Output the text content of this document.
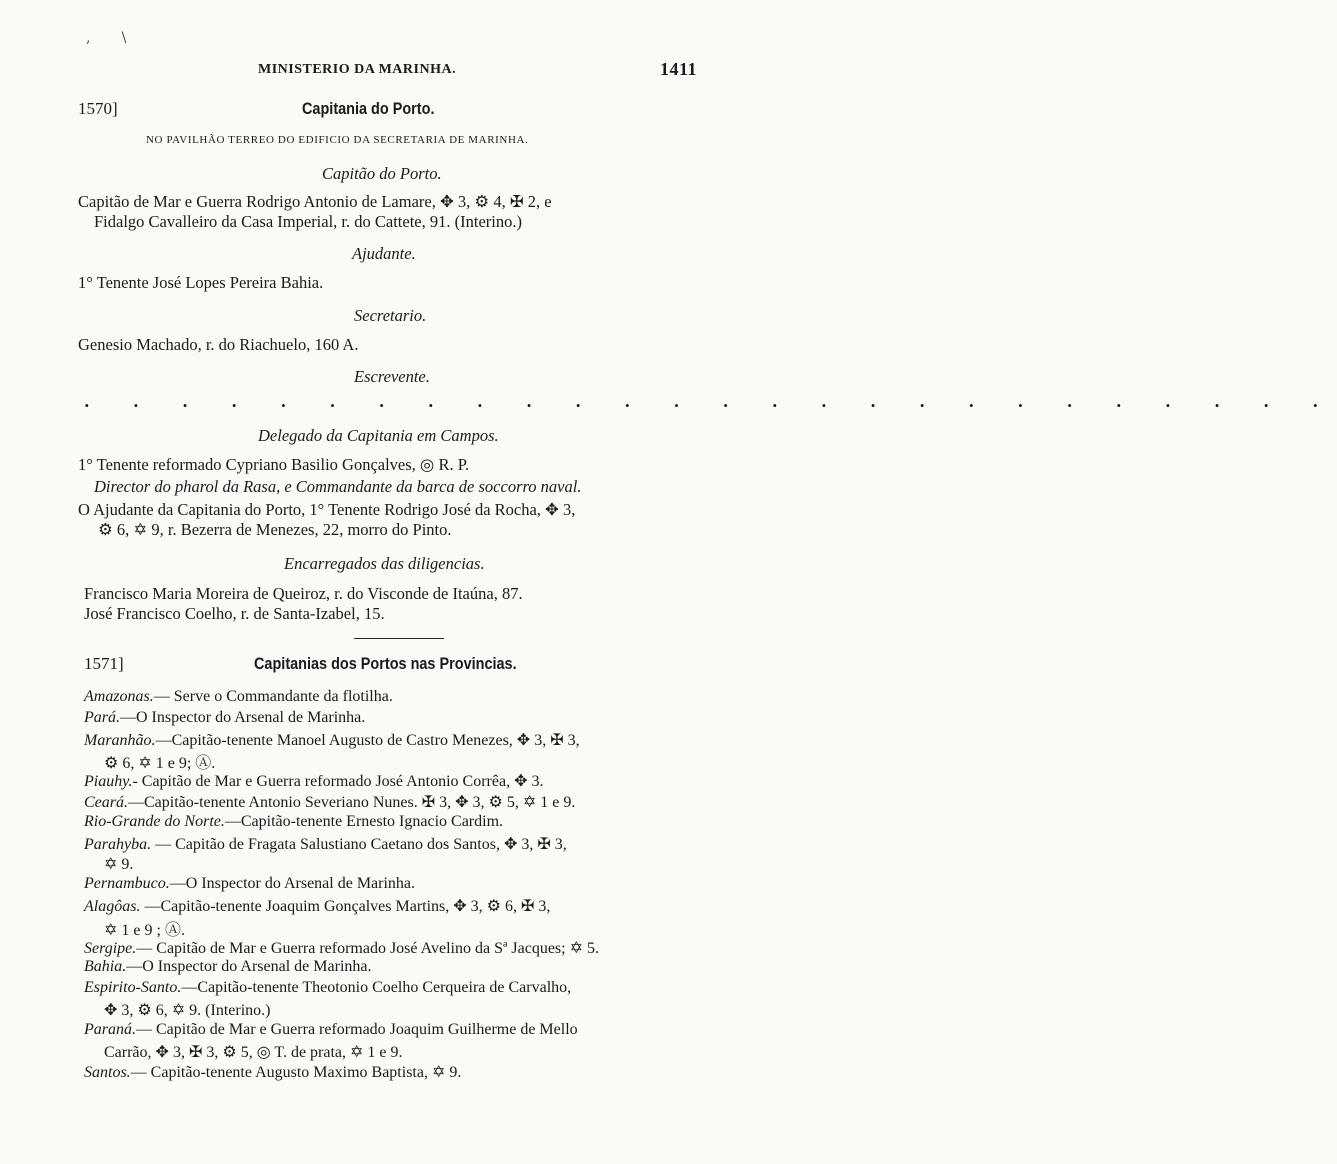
,       \
MINISTERIO DA MARINHA.	1411
1570]	Capitania do Porto.
NO PAVILHÃO TERREO DO EDIFICIO DA SECRETARIA DE MARINHA.
Capitão do Porto.
Capitão de Mar e Guerra Rodrigo Antonio de Lamare, ✥ 3, ⚙ 4, ✠ 2, e
Fidalgo Cavalleiro da Casa Imperial, r. do Cattete, 91. (Interino.)
Ajudante.
1° Tenente José Lopes Pereira Bahia.
Secretario.
Genesio Machado, r. do Riachuelo, 160 A.
Escrevente.
. . . . . . . . . . . . . . . . . . . . . . . . . .
Delegado da Capitania em Campos.
1° Tenente reformado Cypriano Basilio Gonçalves, ◎ R. P.
Director do pharol da Rasa, e Commandante da barca de soccorro naval.
O Ajudante da Capitania do Porto, 1° Tenente Rodrigo José da Rocha, ✥ 3,
⚙ 6, ✡ 9, r. Bezerra de Menezes, 22, morro do Pinto.
Encarregados das diligencias.
Francisco Maria Moreira de Queiroz, r. do Visconde de Itaúna, 87.
José Francisco Coelho, r. de Santa-Izabel, 15.
1571]	Capitanias dos Portos nas Provincias.
Amazonas.— Serve o Commandante da flotilha.
Pará.—O Inspector do Arsenal de Marinha.
Maranhão.—Capitão-tenente Manoel Augusto de Castro Menezes, ✥ 3, ✠ 3,
⚙ 6, ✡ 1 e 9; Ⓐ.
Piauhy.- Capitão de Mar e Guerra reformado José Antonio Corrêa, ✥ 3.
Ceará.—Capitão-tenente Antonio Severiano Nunes. ✠ 3, ✥ 3, ⚙ 5, ✡ 1 e 9.
Rio-Grande do Norte.—Capitão-tenente Ernesto Ignacio Cardim.
Parahyba. — Capitão de Fragata Salustiano Caetano dos Santos, ✥ 3, ✠ 3,
✡ 9.
Pernambuco.—O Inspector do Arsenal de Marinha.
Alagôas. —Capitão-tenente Joaquim Gonçalves Martins, ✥ 3, ⚙ 6, ✠ 3,
✡ 1 e 9 ; Ⓐ.
Sergipe.— Capitão de Mar e Guerra reformado José Avelino da Sª Jacques; ✡ 5.
Bahia.—O Inspector do Arsenal de Marinha.
Espirito-Santo.—Capitão-tenente Theotonio Coelho Cerqueira de Carvalho,
✥ 3, ⚙ 6, ✡ 9. (Interino.)
Paraná.— Capitão de Mar e Guerra reformado Joaquim Guilherme de Mello
Carrão, ✥ 3, ✠ 3, ⚙ 5, ◎ T. de prata, ✡ 1 e 9.
Santos.— Capitão-tenente Augusto Maximo Baptista, ✡ 9.
